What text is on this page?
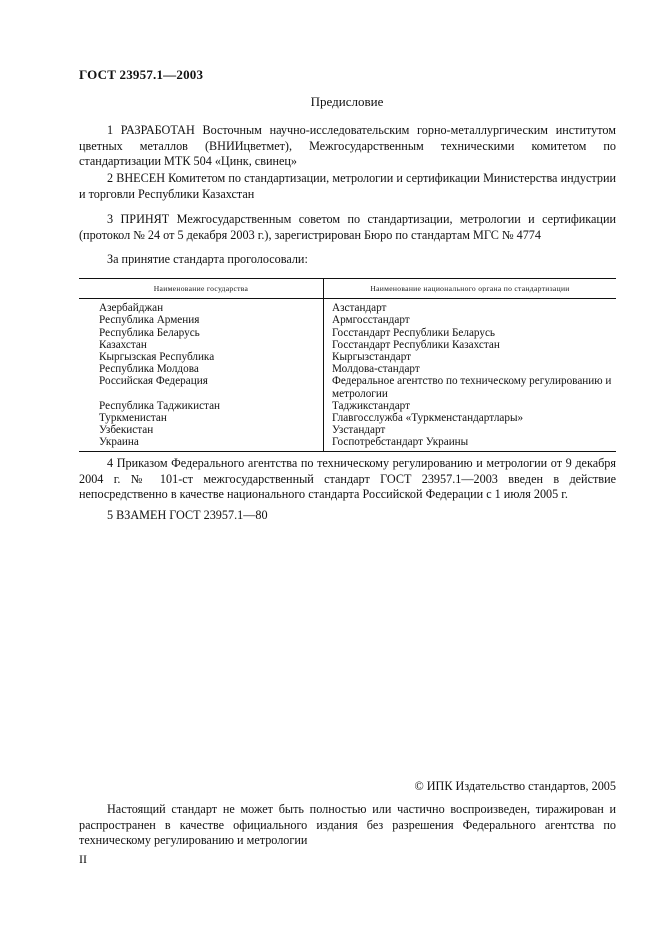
ГОСТ 23957.1—2003
Предисловие

1 РАЗРАБОТАН Восточным научно-исследовательским горно-металлургическим институтом цветных металлов (ВНИИцветмет), Межгосударственным техническими комитетом по стандартизации МТК 504 «Цинк, свинец»

2 ВНЕСЕН Комитетом по стандартизации, метрологии и сертификации Министерства индустрии и торговли Республики Казахстан

3 ПРИНЯТ Межгосударственным советом по стандартизации, метрологии и сертификации (протокол № 24 от 5 декабря 2003 г.), зарегистрирован Бюро по стандартам МГС № 4774

За принятие стандарта проголосовали:

Наименование государства	Наименование национального органа по стандартизации
Азербайджан	Азстандарт
Республика Армения	Армгосстандарт
Республика Беларусь	Госстандарт Республики Беларусь
Казахстан	Госстандарт Республики Казахстан
Кыргызская Республика	Кыргызстандарт
Республика Молдова	Молдова-стандарт
Российская Федерация	Федеральное агентство по техническому регулированию и метрологии
Республика Таджикистан	Таджикстандарт
Туркменистан	Главгосслужба «Туркменстандартлары»
Узбекистан	Узстандарт
Украина	Госпотребстандарт Украины

4 Приказом Федерального агентства по техническому регулированию и метрологии от 9 декабря 2004 г. № 101-ст межгосударственный стандарт ГОСТ 23957.1—2003 введен в действие непосредственно в качестве национального стандарта Российской Федерации с 1 июля 2005 г.

5 ВЗАМЕН ГОСТ 23957.1—80

© ИПК Издательство стандартов, 2005

Настоящий стандарт не может быть полностью или частично воспроизведен, тиражирован и распространен в качестве официального издания без разрешения Федерального агентства по техническому регулированию и метрологии

II
